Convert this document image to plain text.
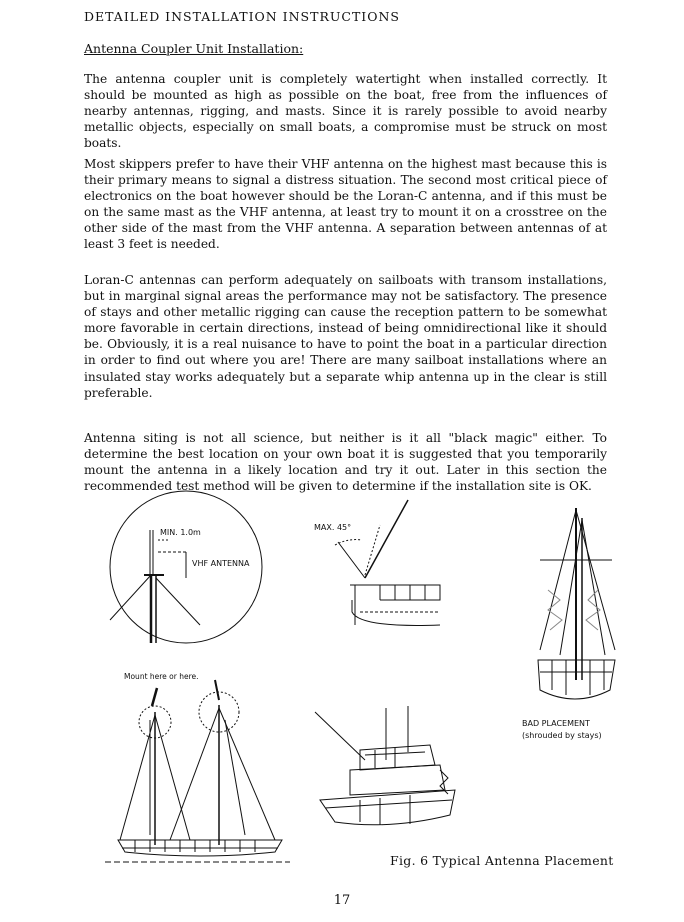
DETAILED INSTALLATION INSTRUCTIONS
Antenna Coupler Unit Installation:

The antenna coupler unit is completely watertight when installed correctly. It should be mounted as high as possible on the boat, free from the influences of nearby antennas, rigging, and masts. Since it is rarely possible to avoid nearby metallic objects, especially on small boats, a compromise must be struck on most boats.

Most skippers prefer to have their VHF antenna on the highest mast because this is their primary means to signal a distress situation. The second most critical piece of electronics on the boat however should be the Loran-C antenna, and if this must be on the same mast as the VHF antenna, at least try to mount it on a crosstree on the other side of the mast from the VHF antenna. A separation between antennas of at least 3 feet is needed.

Loran-C antennas can perform adequately on sailboats with transom installations, but in marginal signal areas the performance may not be satisfactory. The presence of stays and other metallic rigging can cause the reception pattern to be somewhat more favorable in certain directions, instead of being omnidirectional like it should be. Obviously, it is a real nuisance to have to point the boat in a particular direction in order to find out where you are! There are many sailboat installations where an insulated stay works adequately but a separate whip antenna up in the clear is still preferable.

Antenna siting is not all science, but neither is it all "black magic" either. To determine the best location on your own boat it is suggested that you temporarily mount the antenna in a likely location and try it out. Later in this section the recommended test method will be given to determine if the installation site is OK.

MIN. 1.0m
VHF ANTENNA
MAX. 45°
BAD PLACEMENT
(shrouded by stays)
Mount here or here.
Fig. 6 Typical Antenna Placement
17
